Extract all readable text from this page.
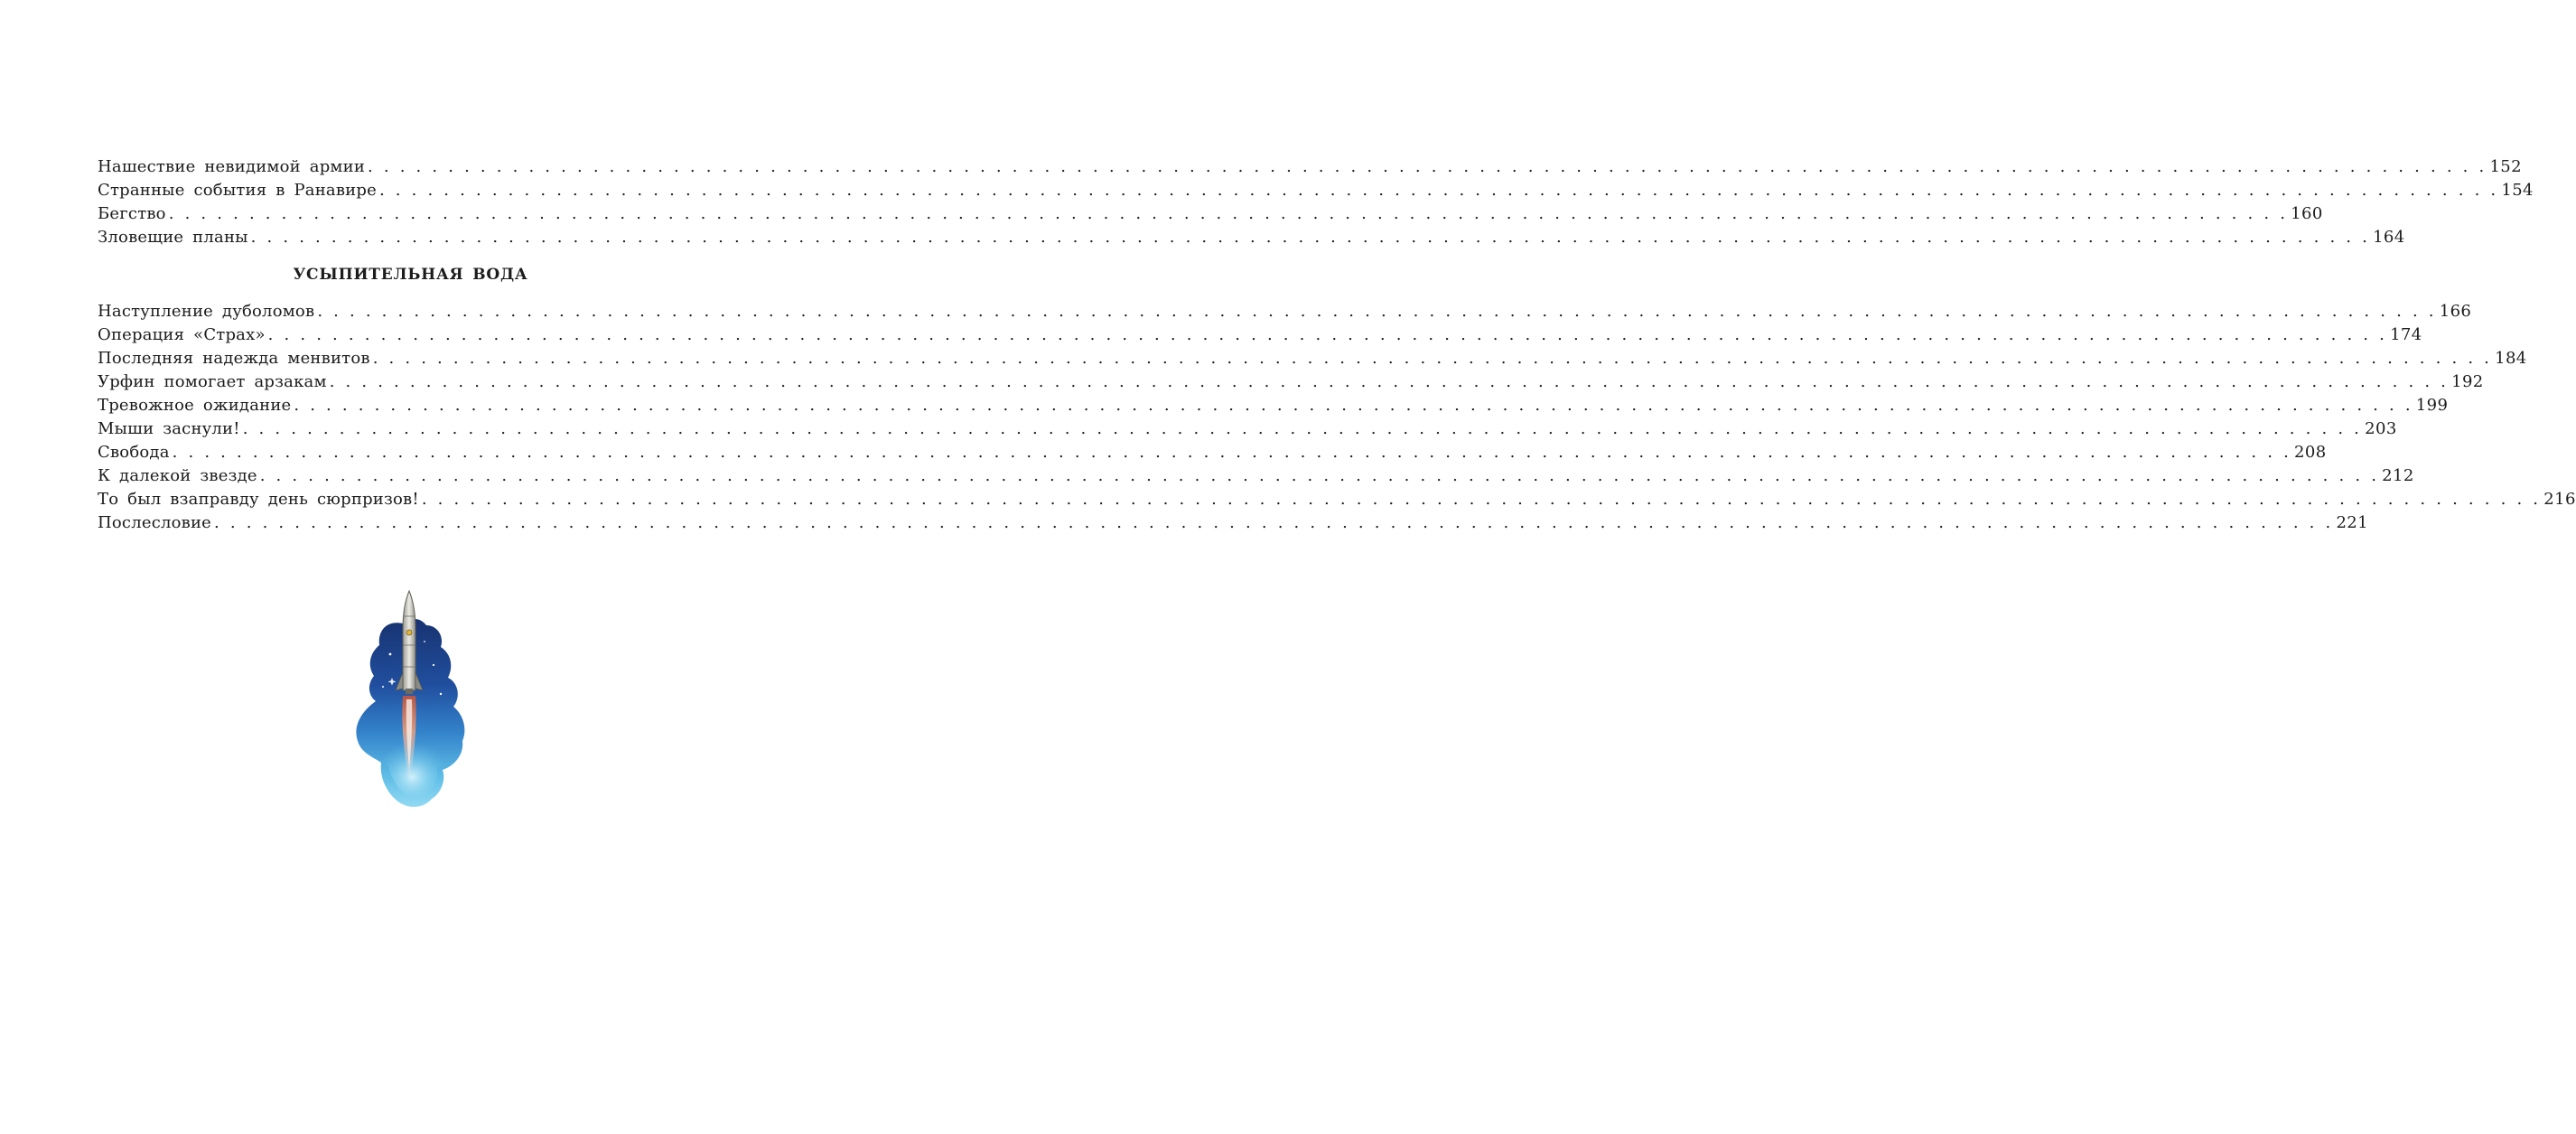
Нашествие невидимой армии . . . . . . . . . . . . . . . . . . . . . . . . . . . . . . . . . . . . . . . . . . . . . . . . . . . . . . . . . . . . . . . . . . . . . . . . . . . . . . . . . . . . . . . . . . . . . . . . . . . . . . . . . . . . . . . . . . . . . . . . . . . . . . . . . . . . 152
Странные события в Ранавире . . . . . . . . . . . . . . . . . . . . . . . . . . . . . . . . . . . . . . . . . . . . . . . . . . . . . . . . . . . . . . . . . . . . . . . . . . . . . . . . . . . . . . . . . . . . . . . . . . . . . . . . . . . . . . . . . . . . . . . . . . . . . . . . . . . . 154
Бегство . . . . . . . . . . . . . . . . . . . . . . . . . . . . . . . . . . . . . . . . . . . . . . . . . . . . . . . . . . . . . . . . . . . . . . . . . . . . . . . . . . . . . . . . . . . . . . . . . . . . . . . . . . . . . . . . . . . . . . . . . . . . . . . . . . . . 160
Зловещие планы . . . . . . . . . . . . . . . . . . . . . . . . . . . . . . . . . . . . . . . . . . . . . . . . . . . . . . . . . . . . . . . . . . . . . . . . . . . . . . . . . . . . . . . . . . . . . . . . . . . . . . . . . . . . . . . . . . . . . . . . . . . . . . . . . . . . 164
УСЫПИТЕЛЬНАЯ ВОДА
Наступление дуболомов . . . . . . . . . . . . . . . . . . . . . . . . . . . . . . . . . . . . . . . . . . . . . . . . . . . . . . . . . . . . . . . . . . . . . . . . . . . . . . . . . . . . . . . . . . . . . . . . . . . . . . . . . . . . . . . . . . . . . . . . . . . . . . . . . . . . 166
Операция «Страх» . . . . . . . . . . . . . . . . . . . . . . . . . . . . . . . . . . . . . . . . . . . . . . . . . . . . . . . . . . . . . . . . . . . . . . . . . . . . . . . . . . . . . . . . . . . . . . . . . . . . . . . . . . . . . . . . . . . . . . . . . . . . . . . . . . . . 174
Последняя надежда менвитов . . . . . . . . . . . . . . . . . . . . . . . . . . . . . . . . . . . . . . . . . . . . . . . . . . . . . . . . . . . . . . . . . . . . . . . . . . . . . . . . . . . . . . . . . . . . . . . . . . . . . . . . . . . . . . . . . . . . . . . . . . . . . . . . . . . . 184
Урфин помогает арзакам . . . . . . . . . . . . . . . . . . . . . . . . . . . . . . . . . . . . . . . . . . . . . . . . . . . . . . . . . . . . . . . . . . . . . . . . . . . . . . . . . . . . . . . . . . . . . . . . . . . . . . . . . . . . . . . . . . . . . . . . . . . . . . . . . . . . 192
Тревожное ожидание . . . . . . . . . . . . . . . . . . . . . . . . . . . . . . . . . . . . . . . . . . . . . . . . . . . . . . . . . . . . . . . . . . . . . . . . . . . . . . . . . . . . . . . . . . . . . . . . . . . . . . . . . . . . . . . . . . . . . . . . . . . . . . . . . . . . 199
Мыши заснули! . . . . . . . . . . . . . . . . . . . . . . . . . . . . . . . . . . . . . . . . . . . . . . . . . . . . . . . . . . . . . . . . . . . . . . . . . . . . . . . . . . . . . . . . . . . . . . . . . . . . . . . . . . . . . . . . . . . . . . . . . . . . . . . . . . . . 203
Свобода . . . . . . . . . . . . . . . . . . . . . . . . . . . . . . . . . . . . . . . . . . . . . . . . . . . . . . . . . . . . . . . . . . . . . . . . . . . . . . . . . . . . . . . . . . . . . . . . . . . . . . . . . . . . . . . . . . . . . . . . . . . . . . . . . . . . 208
К далекой звезде . . . . . . . . . . . . . . . . . . . . . . . . . . . . . . . . . . . . . . . . . . . . . . . . . . . . . . . . . . . . . . . . . . . . . . . . . . . . . . . . . . . . . . . . . . . . . . . . . . . . . . . . . . . . . . . . . . . . . . . . . . . . . . . . . . . . 212
То был взаправду день сюрпризов! . . . . . . . . . . . . . . . . . . . . . . . . . . . . . . . . . . . . . . . . . . . . . . . . . . . . . . . . . . . . . . . . . . . . . . . . . . . . . . . . . . . . . . . . . . . . . . . . . . . . . . . . . . . . . . . . . . . . . . . . . . . . . . . . . . . . 216
Послесловие . . . . . . . . . . . . . . . . . . . . . . . . . . . . . . . . . . . . . . . . . . . . . . . . . . . . . . . . . . . . . . . . . . . . . . . . . . . . . . . . . . . . . . . . . . . . . . . . . . . . . . . . . . . . . . . . . . . . . . . . . . . . . . . . . . . . 221
